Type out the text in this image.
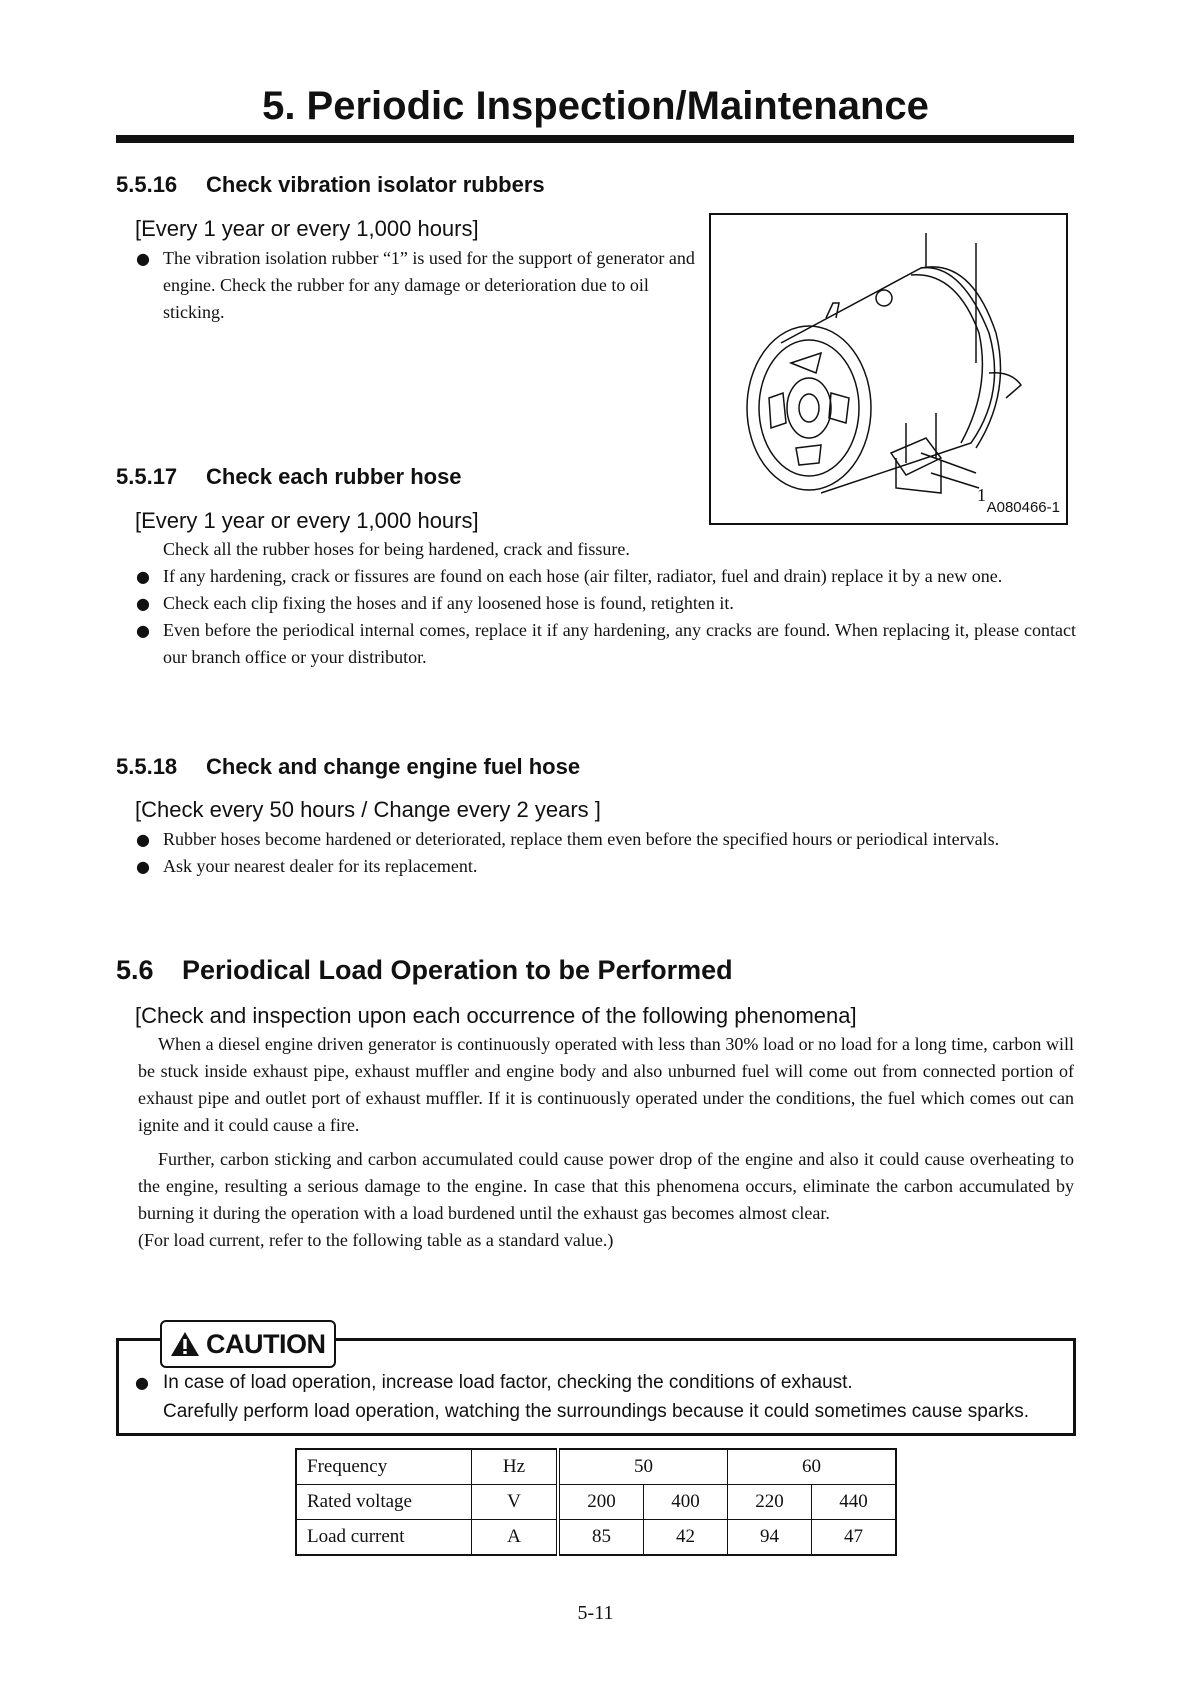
5. Periodic Inspection/Maintenance
5.5.16 Check vibration isolator rubbers
[Every 1 year or every 1,000 hours]
● The vibration isolation rubber “1” is used for the support of generator and engine. Check the rubber for any damage or deterioration due to oil sticking.
1
A080466-1
5.5.17 Check each rubber hose
[Every 1 year or every 1,000 hours]
Check all the rubber hoses for being hardened, crack and fissure.
● If any hardening, crack or fissures are found on each hose (air filter, radiator, fuel and drain) replace it by a new one.
● Check each clip fixing the hoses and if any loosened hose is found, retighten it.
● Even before the periodical internal comes, replace it if any hardening, any cracks are found. When replacing it, please contact our branch office or your distributor.
5.5.18 Check and change engine fuel hose
[Check every 50 hours / Change every 2 years ]
● Rubber hoses become hardened or deteriorated, replace them even before the specified hours or periodical intervals.
● Ask your nearest dealer for its replacement.
5.6 Periodical Load Operation to be Performed
[Check and inspection upon each occurrence of the following phenomena]

When a diesel engine driven generator is continuously operated with less than 30% load or no load for a long time, carbon will be stuck inside exhaust pipe, exhaust muffler and engine body and also unburned fuel will come out from connected portion of exhaust pipe and outlet port of exhaust muffler. If it is continuously operated under the conditions, the fuel which comes out can ignite and it could cause a fire.

Further, carbon sticking and carbon accumulated could cause power drop of the engine and also it could cause overheating to the engine, resulting a serious damage to the engine. In case that this phenomena occurs, eliminate the carbon accumulated by burning it during the operation with a load burdened until the exhaust gas becomes almost clear.

(For load current, refer to the following table as a standard value.)

CAUTION
● In case of load operation, increase load factor, checking the conditions of exhaust.
Carefully perform load operation, watching the surroundings because it could sometimes cause sparks.
Frequency	Hz	50		60	
Rated voltage	V	200	400	220	440
Load current	A	85	42	94	47
5-11
